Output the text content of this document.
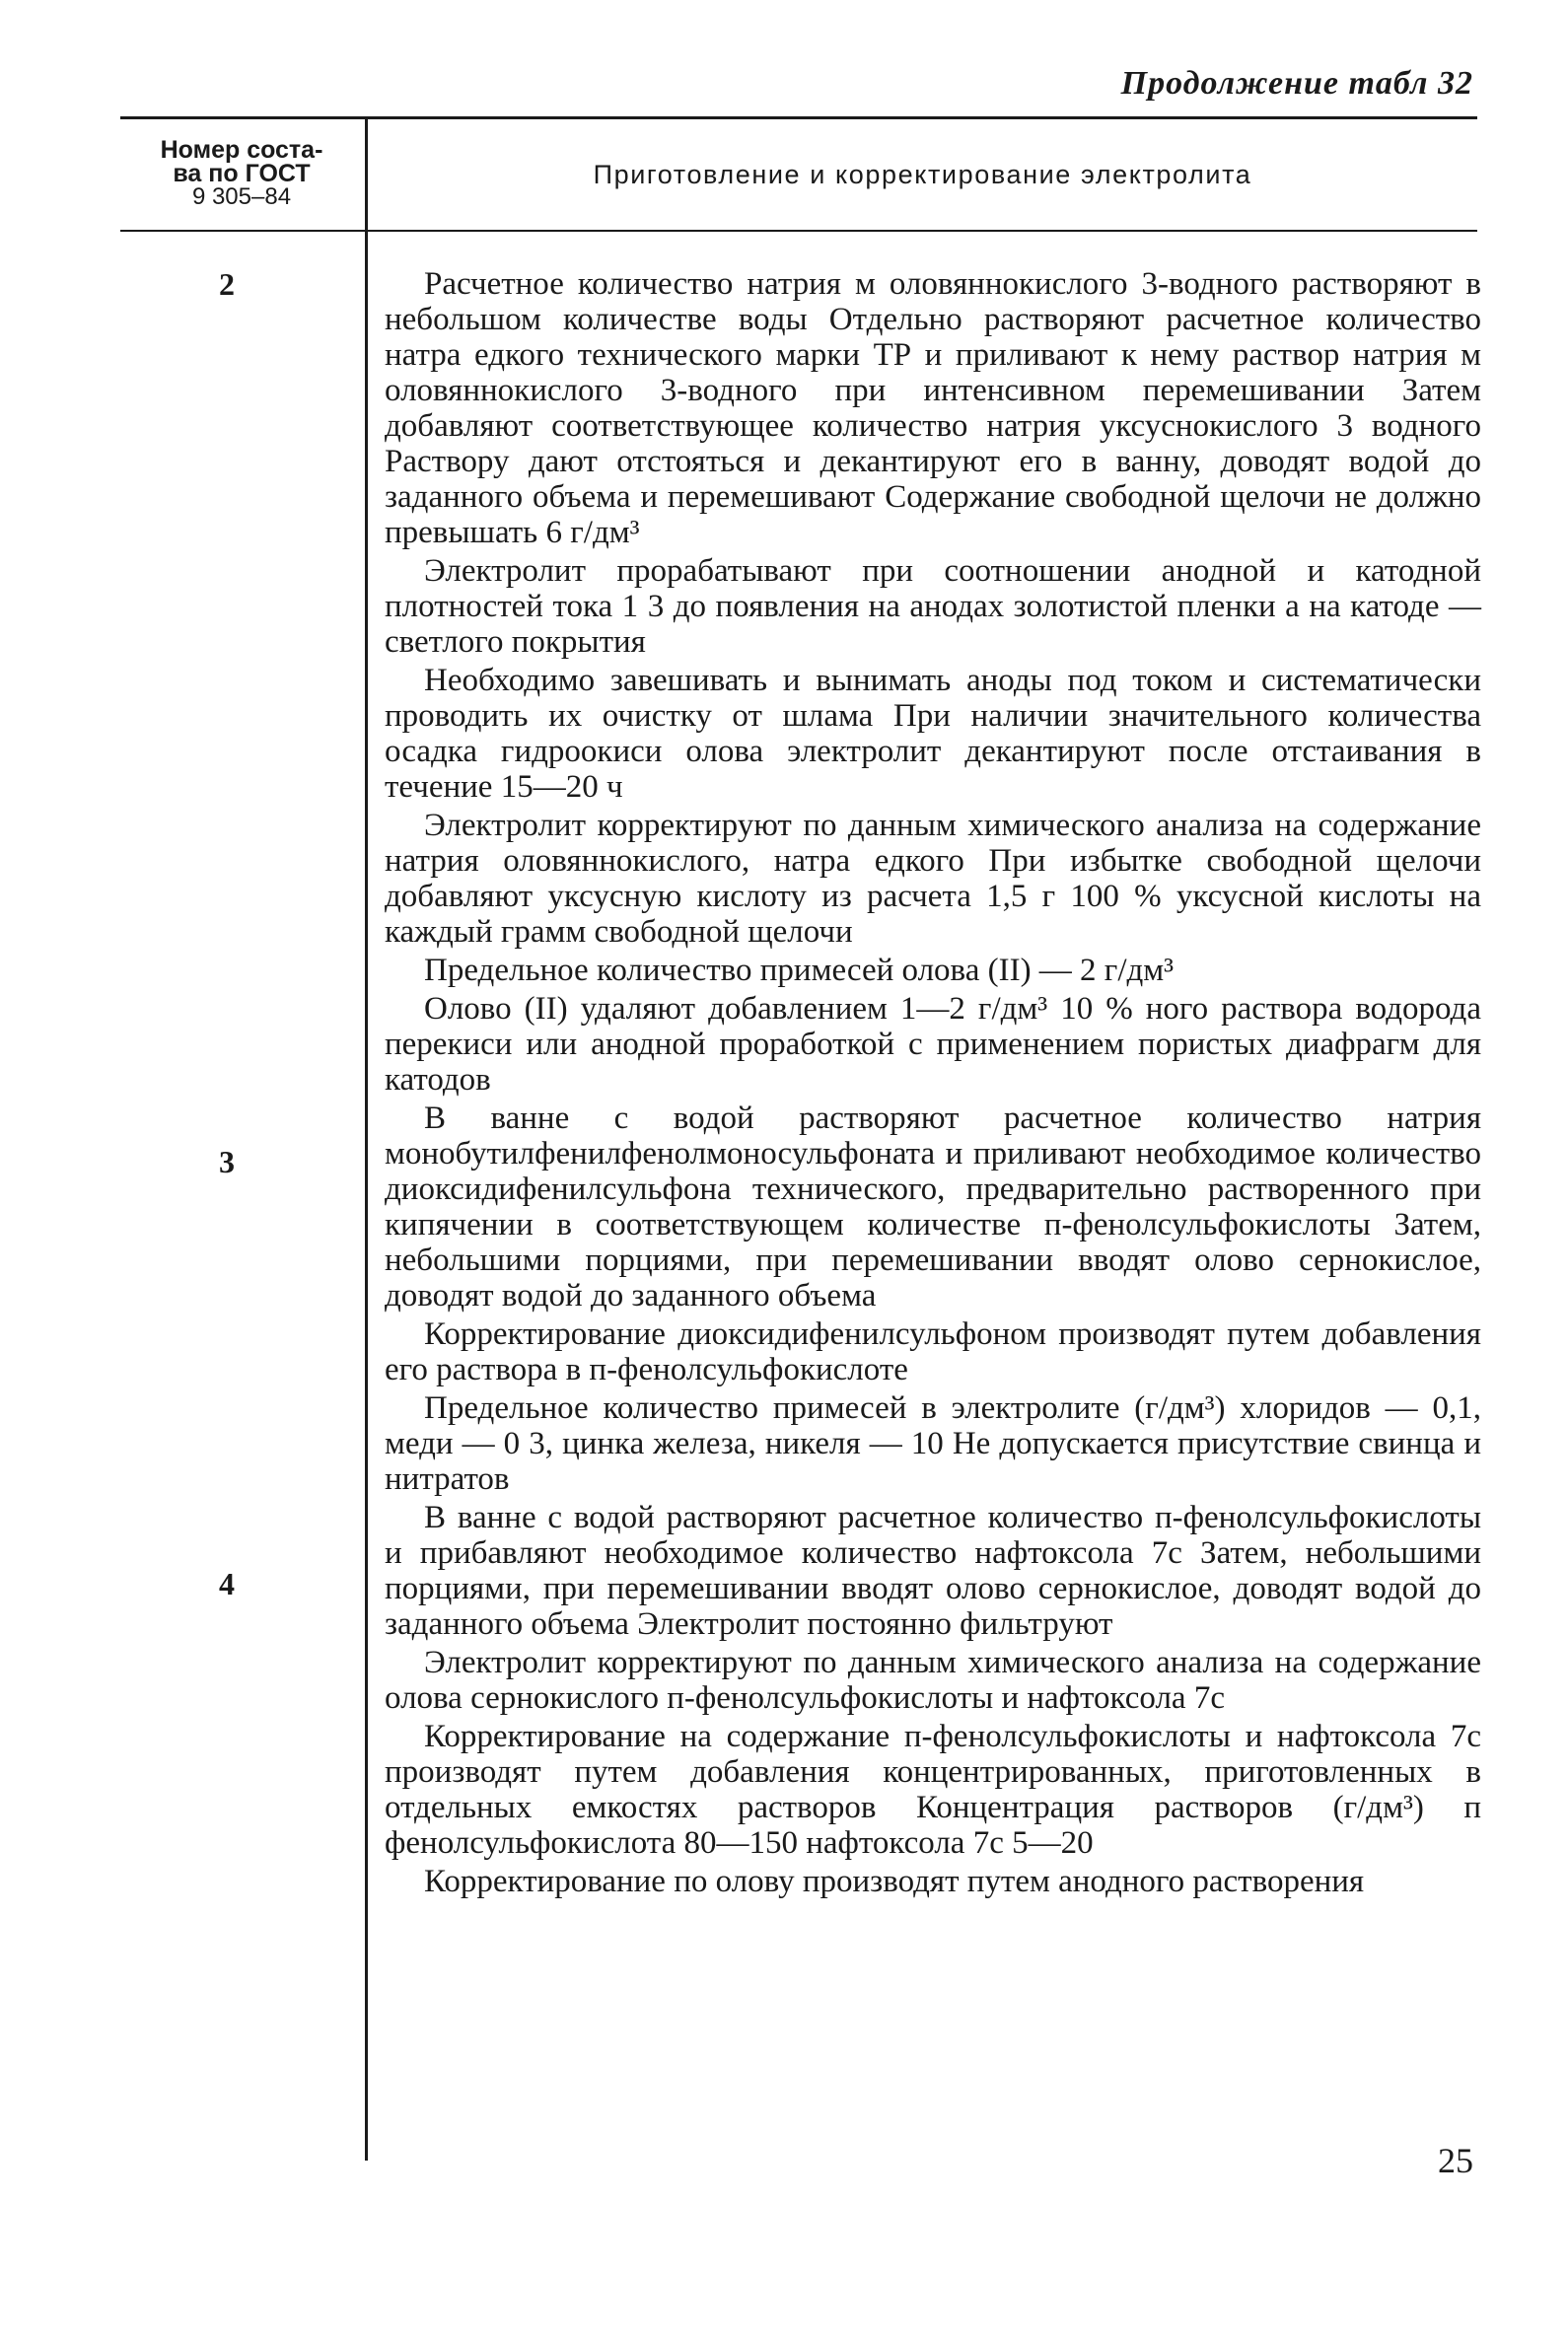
Продолжение табл 32
Номер соста-
ва по ГОСТ
9 305–84
Приготовление и корректирование электролита
2
3
4

Расчетное количество натрия м оловяннокислого 3-водного растворяют в небольшом количестве воды Отдельно растворяют расчетное количество натра едкого технического марки ТР и приливают к нему раствор натрия м оловяннокислого 3-водного при интенсивном перемешивании Затем добавляют соответствующее количество натрия уксуснокислого 3 водного Раствору дают отстояться и декантируют его в ванну, доводят водой до заданного объема и перемешивают Содержание свободной щелочи не должно превышать 6 г/дм³

Электролит прорабатывают при соотношении анодной и катодной плотностей тока 1 3 до появления на анодах золотистой пленки а на катоде — светлого покрытия

Необходимо завешивать и вынимать аноды под током и систематически проводить их очистку от шлама При наличии значительного количества осадка гидроокиси олова электролит декантируют после отстаивания в течение 15—20 ч

Электролит корректируют по данным химического анализа на содержание натрия оловяннокислого, натра едкого При избытке свободной щелочи добавляют уксусную кислоту из расчета 1,5 г 100 % уксусной кислоты на каждый грамм свободной щелочи

Предельное количество примесей олова (II) — 2 г/дм³

Олово (II) удаляют добавлением 1—2 г/дм³ 10 % ного раствора водорода перекиси или анодной проработкой с применением пористых диафрагм для катодов

В ванне с водой растворяют расчетное количество натрия монобутилфенилфенолмоносульфоната и приливают необходимое количество диоксидифенилсульфона технического, предварительно растворенного при кипячении в соответствующем количестве п-фенолсульфокислоты Затем, небольшими порциями, при перемешивании вводят олово сернокислое, доводят водой до заданного объема

Корректирование диоксидифенилсульфоном производят путем добавления его раствора в п-фенолсульфокислоте

Предельное количество примесей в электролите (г/дм³) хлоридов — 0,1, меди — 0 3, цинка железа, никеля — 10 Не допускается присутствие свинца и нитратов

В ванне с водой растворяют расчетное количество п-фенолсульфокислоты и прибавляют необходимое количество нафтоксола 7с Затем, небольшими порциями, при перемешивании вводят олово сернокислое, доводят водой до заданного объема Электролит постоянно фильтруют

Электролит корректируют по данным химического анализа на содержание олова сернокислого п-фенолсульфокислоты и нафтоксола 7с

Корректирование на содержание п-фенолсульфокислоты и нафтоксола 7с производят путем добавления концентрированных, приготовленных в отдельных емкостях растворов Концентрация растворов (г/дм³) п фенолсульфокислота 80—150 нафтоксола 7с 5—20

Корректирование по олову производят путем анодного растворения

25
